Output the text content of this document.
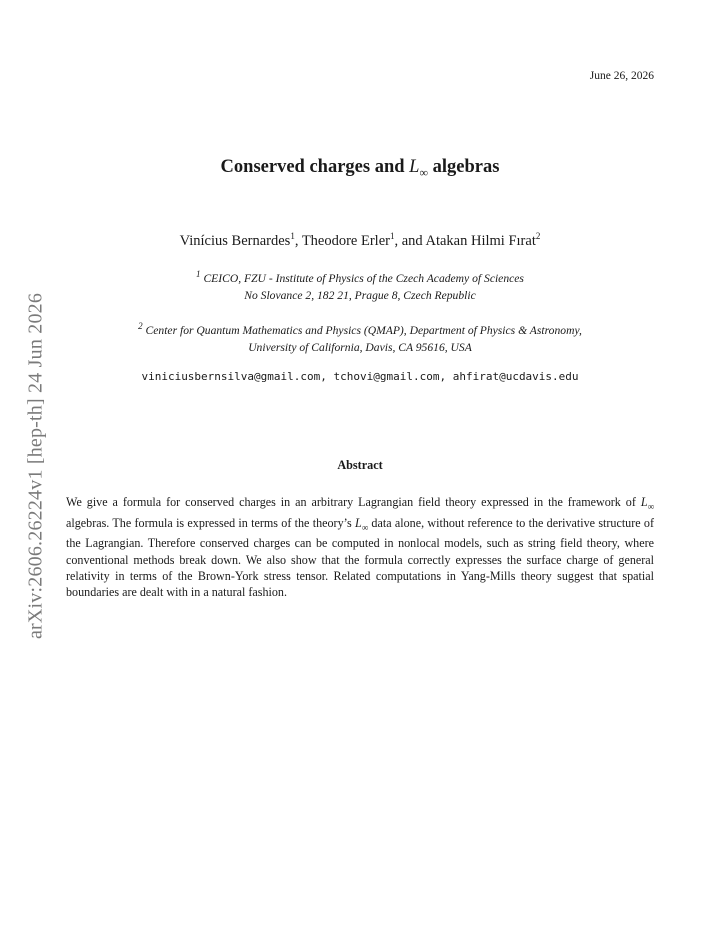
June 26, 2026
arXiv:2606.26224v1 [hep-th] 24 Jun 2026
Conserved charges and $L_\infty$ algebras
Vinícius Bernardes$^1$, Theodore Erler$^1$, and Atakan Hilmi Fırat$^2$
$^1$ CEICO, FZU - Institute of Physics of the Czech Academy of Sciences
No Slovance 2, 182 21, Prague 8, Czech Republic
$^2$ Center for Quantum Mathematics and Physics (QMAP), Department of Physics & Astronomy,
University of California, Davis, CA 95616, USA
viniciusbernsilva@gmail.com, tchovi@gmail.com, ahfirat@ucdavis.edu
Abstract
We give a formula for conserved charges in an arbitrary Lagrangian field theory expressed in the framework of $L_\infty$ algebras. The formula is expressed in terms of the theory’s $L_\infty$ data alone, without reference to the derivative structure of the Lagrangian. Therefore conserved charges can be computed in nonlocal models, such as string field theory, where conventional methods break down. We also show that the formula correctly expresses the surface charge of general relativity in terms of the Brown-York stress tensor. Related computations in Yang-Mills theory suggest that spatial boundaries are dealt with in a natural fashion.
